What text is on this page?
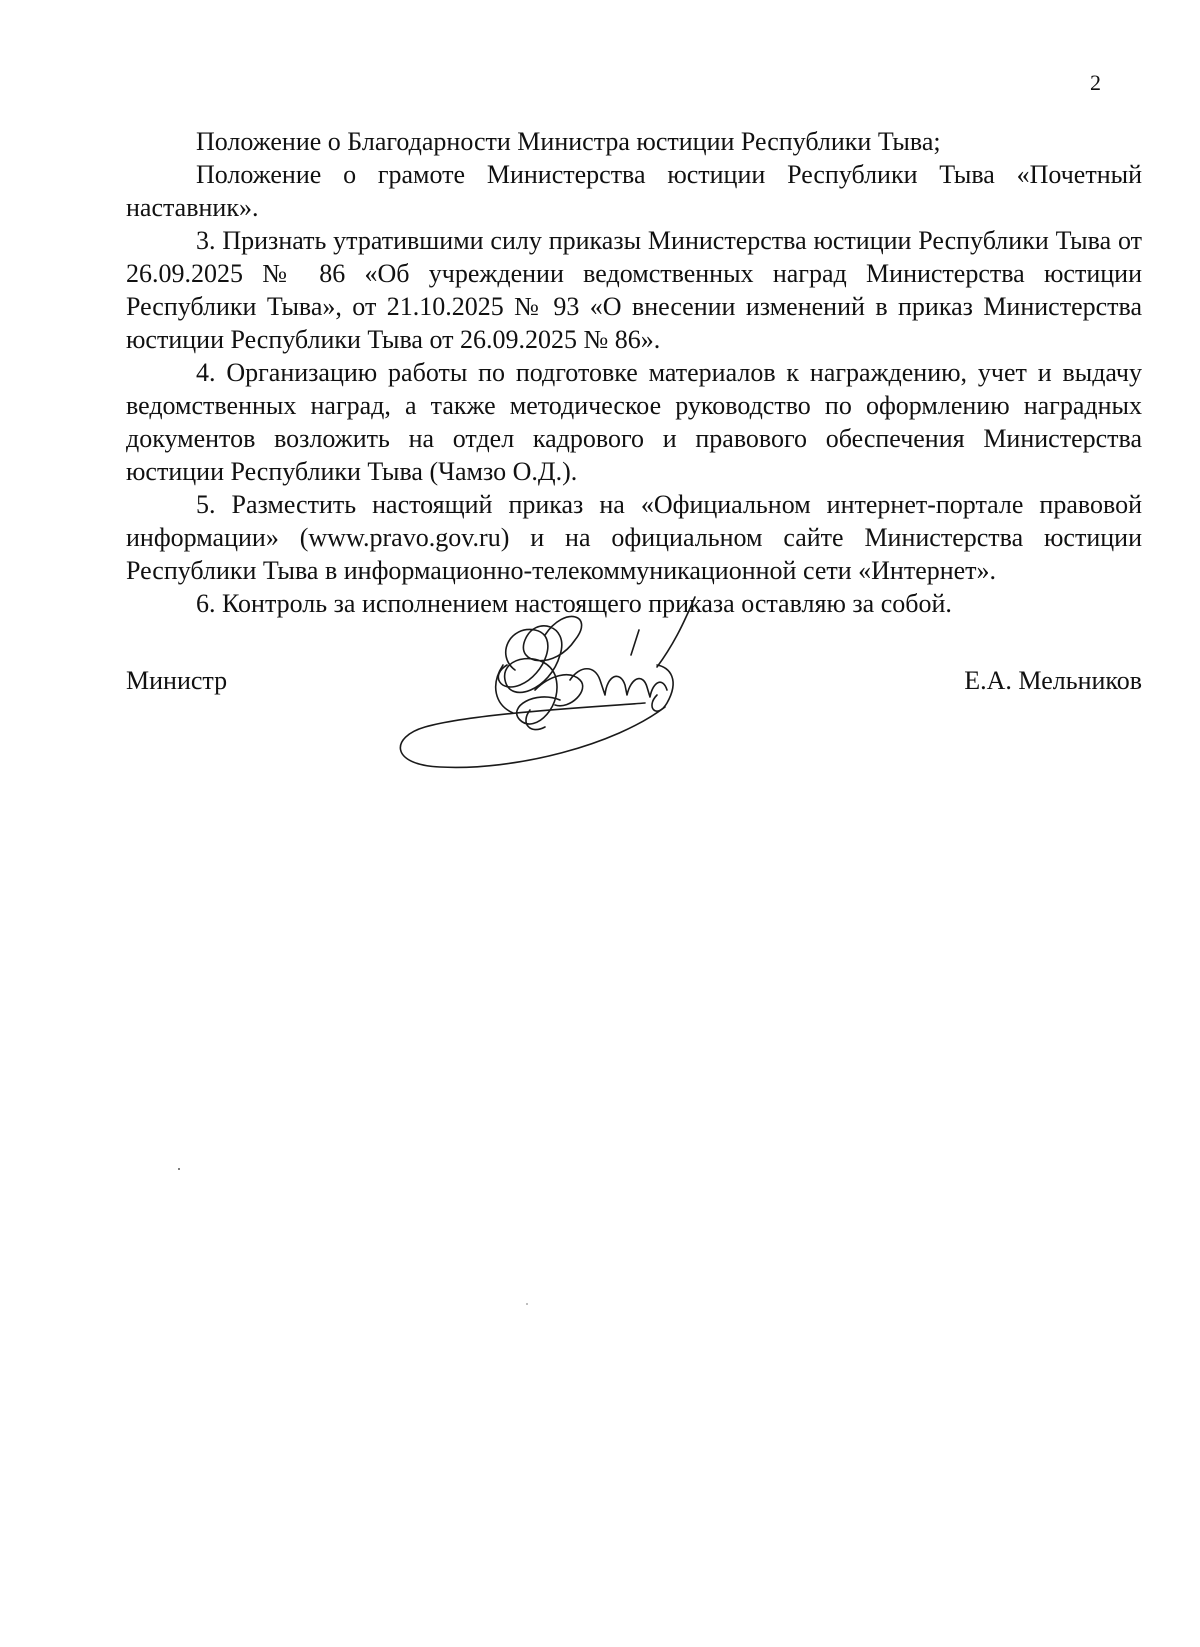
2

Положение о Благодарности Министра юстиции Республики Тыва;

Положение о грамоте Министерства юстиции Республики Тыва «Почетный наставник».

3. Признать утратившими силу приказы Министерства юстиции Республики Тыва от 26.09.2025 № 86 «Об учреждении ведомственных наград Министерства юстиции Республики Тыва», от 21.10.2025 № 93 «О внесении изменений в приказ Министерства юстиции Республики Тыва от 26.09.2025 № 86».

4. Организацию работы по подготовке материалов к награждению, учет и выдачу ведомственных наград, а также методическое руководство по оформлению наградных документов возложить на отдел кадрового и правового обеспечения Министерства юстиции Республики Тыва (Чамзо О.Д.).

5. Разместить настоящий приказ на «Официальном интернет-портале правовой информации» (www.pravo.gov.ru) и на официальном сайте Министерства юстиции Республики Тыва в информационно-телекоммуникационной сети «Интернет».

6. Контроль за исполнением настоящего приказа оставляю за собой.

Министр	Е.А. Мельников
